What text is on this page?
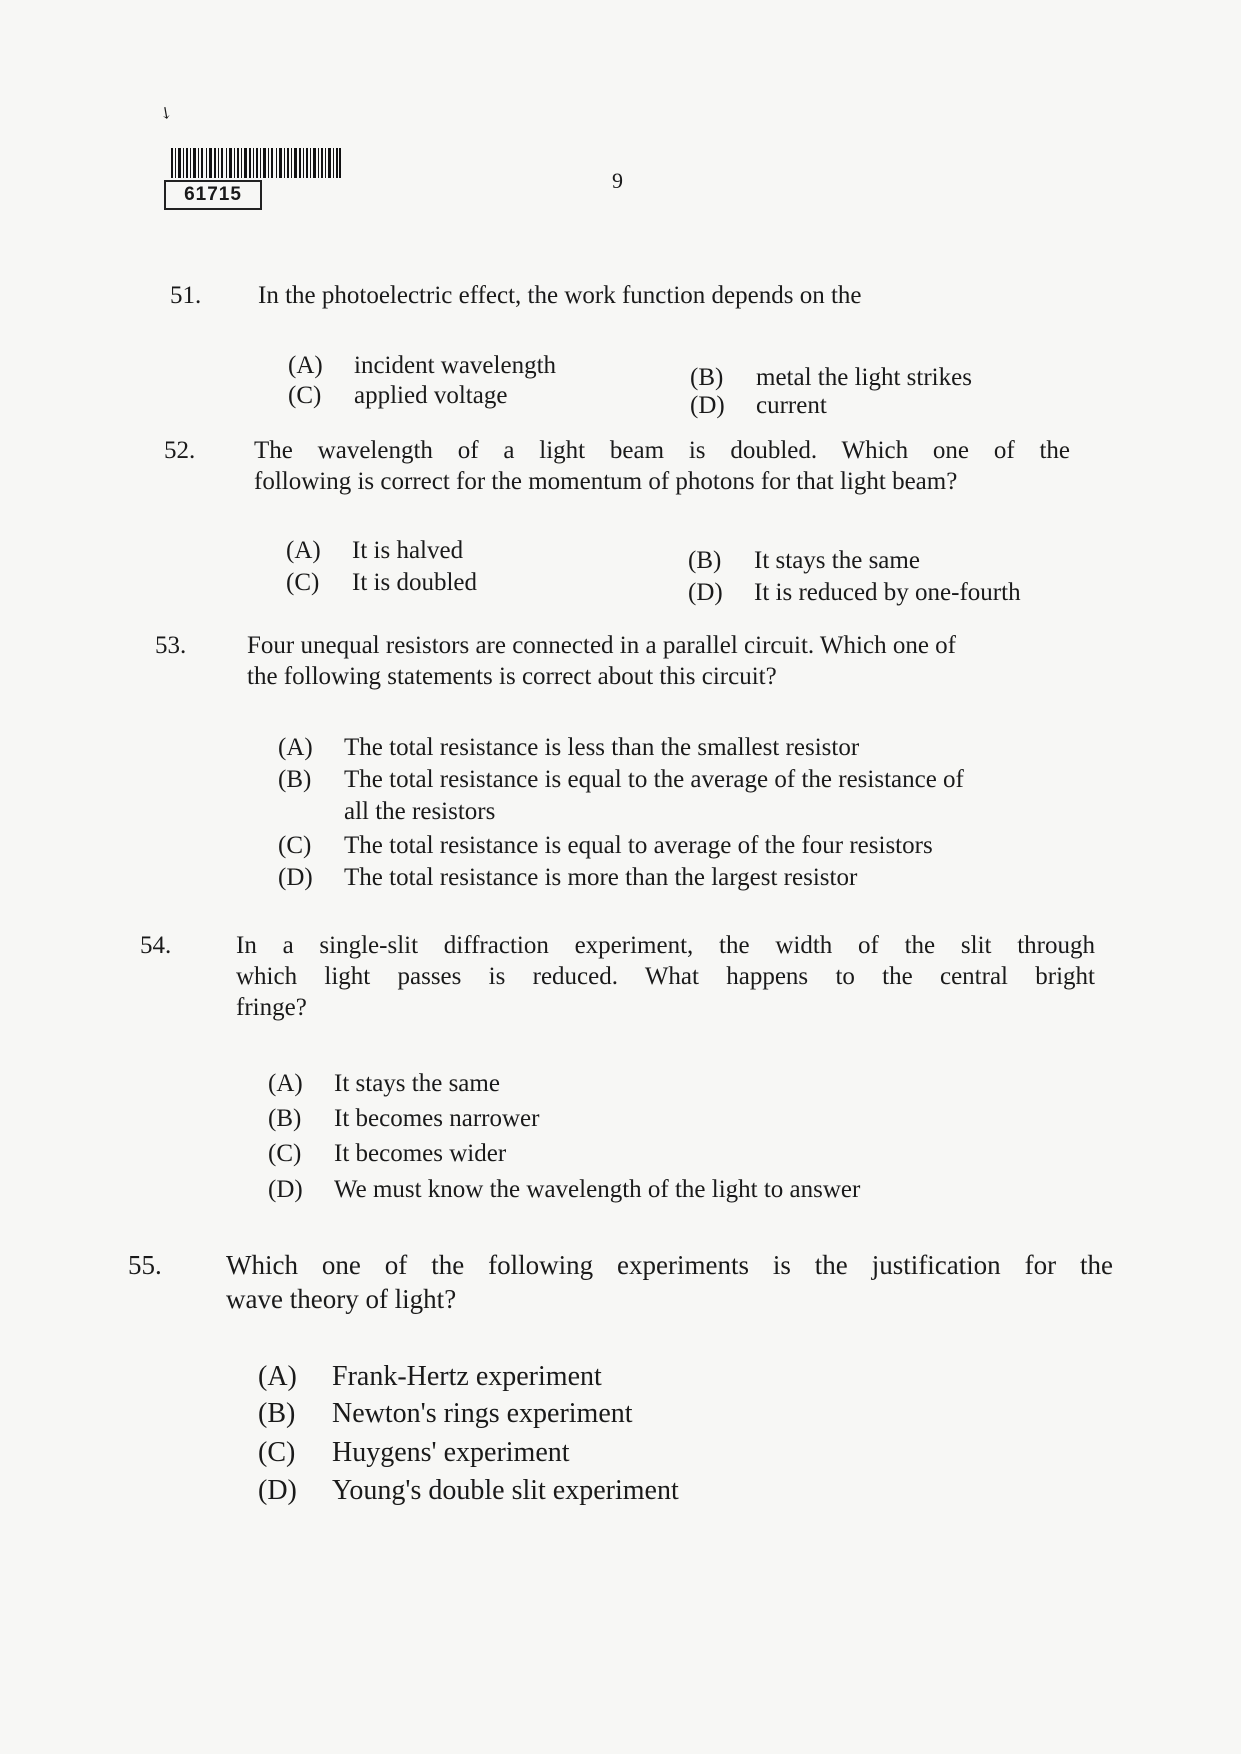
↘
61715
9
51. In the photoelectric effect, the work function depends on the
(A) incident wavelength	(B) metal the light strikes
(C) applied voltage	(D) current
52. The wavelength of a light beam is doubled. Which one of the
following is correct for the momentum of photons for that light beam?
(A) It is halved	(B) It stays the same
(C) It is doubled	(D) It is reduced by one-fourth
53. Four unequal resistors are connected in a parallel circuit. Which one of
the following statements is correct about this circuit?
(A) The total resistance is less than the smallest resistor
(B) The total resistance is equal to the average of the resistance of
all the resistors
(C) The total resistance is equal to average of the four resistors
(D) The total resistance is more than the largest resistor
54.	In a single-slit diffraction experiment, the width of the slit through
which light passes is reduced. What happens to the central bright
fringe?
(A) It stays the same
(B) It becomes narrower
(C) It becomes wider
(D) We must know the wavelength of the light to answer
55. Which one of the following experiments is the justification for the
wave theory of light?
(A) Frank-Hertz experiment
(B) Newton's rings experiment
(C) Huygens' experiment
(D) Young's double slit experiment
